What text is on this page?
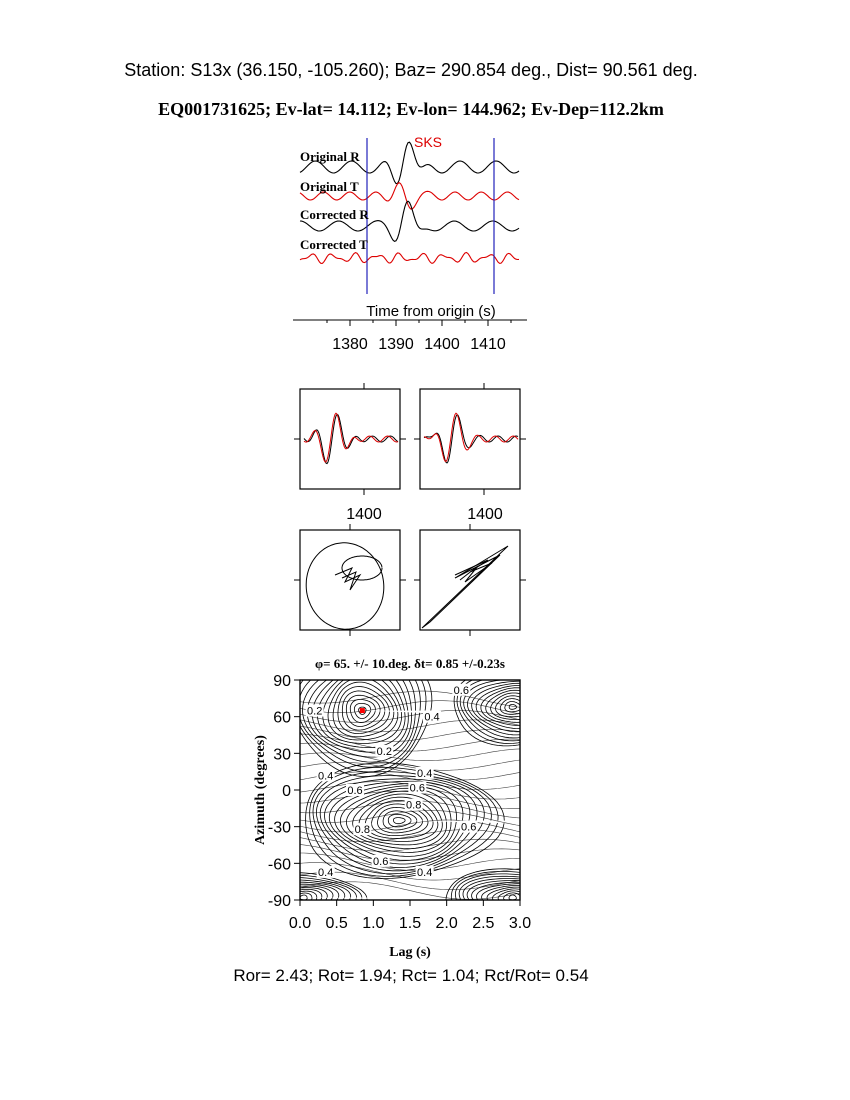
Station: S13x (36.150, -105.260); Baz= 290.854 deg., Dist= 90.561 deg.
EQ001731625; Ev-lat= 14.112; Ev-lon= 144.962; Ev-Dep=112.2km
SKS
Original R
Original T
Corrected R
Corrected T
Time from origin (s)
1380 1390 1400 1410
1400	1400
φ= 65. +/- 10.deg. δt= 0.85 +/-0.23s
0.2
0.4
0.6
0.2
0.4	0.4
0.6	0.6
0.8
0.8	0.6
0.6
0.4	0.4
0.0 0.5 1.0 1.5 2.0 2.5 3.0
90
60
30
0
-30
-60
-90
Lag (s)
Azimuth (degrees)
Ror= 2.43; Rot= 1.94; Rct= 1.04; Rct/Rot= 0.54
